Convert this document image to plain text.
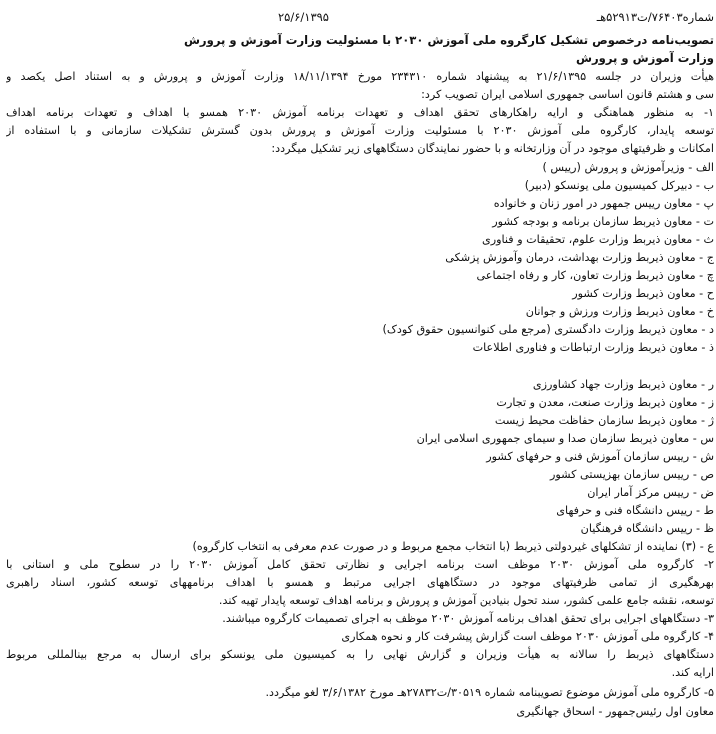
شماره۷۶۴۰۳/ت۵۲۹۱۳هـ
۲۵/۶/۱۳۹۵
تصویب‌نامه درخصوص تشکیل کارگروه ملی آموزش ۲۰۳۰ با مسئولیت وزارت آموزش و پرورش
وزارت آموزش و پرورش
هیأت وزیران در جلسه ۲۱/۶/۱۳۹۵ به پیشنهاد شماره ۲۳۴۳۱۰ مورخ ۱۸/۱۱/۱۳۹۴ وزارت آموزش و پرورش و به استناد اصل یکصد و
سی و هشتم قانون اساسی جمهوری اسلامی ایران تصویب کرد:
۱- به منظور هماهنگی و ارایه راهکارهای تحقق اهداف و تعهدات برنامه آموزش ۲۰۳۰ همسو با اهداف و تعهدات برنامه اهداف
توسعه پایدار، کارگروه ملی آموزش ۲۰۳۰ با مسئولیت وزارت آموزش و پرورش بدون گسترش تشکیلات سازمانی و با استفاده از
امکانات و ظرفیتهای موجود در آن وزارتخانه و با حضور نمایندگان دستگاههای زیر تشکیل میگردد:
الف - وزیرآموزش و پرورش (رییس )
ب - دبیرکل کمیسیون ملی یونسکو (دبیر)
پ - معاون رییس جمهور در امور زنان و خانواده
ت - معاون ذیربط سازمان برنامه و بودجه کشور
ث - معاون ذیربط وزارت علوم، تحقیقات و فناوری
ج - معاون ذیربط وزارت بهداشت، درمان وآموزش پزشکی
چ - معاون ذیربط وزارت تعاون، کار و رفاه اجتماعی
ح - معاون ذیربط وزارت کشور
خ - معاون ذیربط وزارت ورزش و جوانان
د - معاون ذیربط وزارت دادگستری (مرجع ملی کنوانسیون حقوق کودک)
ذ - معاون ذیربط وزارت ارتباطات و فناوری اطلاعات
ر - معاون ذیربط وزارت جهاد کشاورزی
ز - معاون ذیربط وزارت صنعت، معدن و تجارت
ژ - معاون ذیربط سازمان حفاظت محیط زیست
س - معاون ذیربط سازمان صدا و سیمای جمهوری اسلامی ایران
ش - رییس سازمان آموزش فنی و حرفهای کشور
ص - رییس سازمان بهزیستی کشور
ض - رییس مرکز آمار ایران
ط - رییس دانشگاه فنی و حرفهای
ظ - رییس دانشگاه فرهنگیان
ع - (۳) نماینده از تشکلهای غیردولتی ذیربط (با انتخاب مجمع مربوط و در صورت عدم معرفی به انتخاب کارگروه)
۲- کارگروه ملی آموزش ۲۰۳۰ موظف است برنامه اجرایی و نظارتی تحقق کامل آموزش ۲۰۳۰ را در سطوح ملی و استانی با
بهرهگیری از تمامی ظرفیتهای موجود در دستگاههای اجرایی مرتبط و همسو با اهداف برنامههای توسعه کشور، اسناد راهبری
توسعه، نقشه جامع علمی کشور، سند تحول بنیادین آموزش و پرورش و برنامه اهداف توسعه پایدار تهیه کند.
۳- دستگاههای اجرایی برای تحقق اهداف برنامه آموزش ۲۰۳۰ موظف به اجرای تصمیمات کارگروه میباشند.
۴- کارگروه ملی آموزش ۲۰۳۰ موظف است گزارش پیشرفت کار و نحوه همکاری
دستگاههای ذیربط را سالانه به هیأت وزیران و گزارش نهایی را به کمیسیون ملی یونسکو برای ارسال به مرجع بینالمللی مربوط
ارایه کند.
۵- کارگروه ملی آموزش موضوع تصویبنامه شماره ۳۰۵۱۹/ت۲۷۸۳۲هـ مورخ ۳/۶/۱۳۸۲ لغو میگردد.
معاون اول رئیس‌جمهور - اسحاق جهانگیری
